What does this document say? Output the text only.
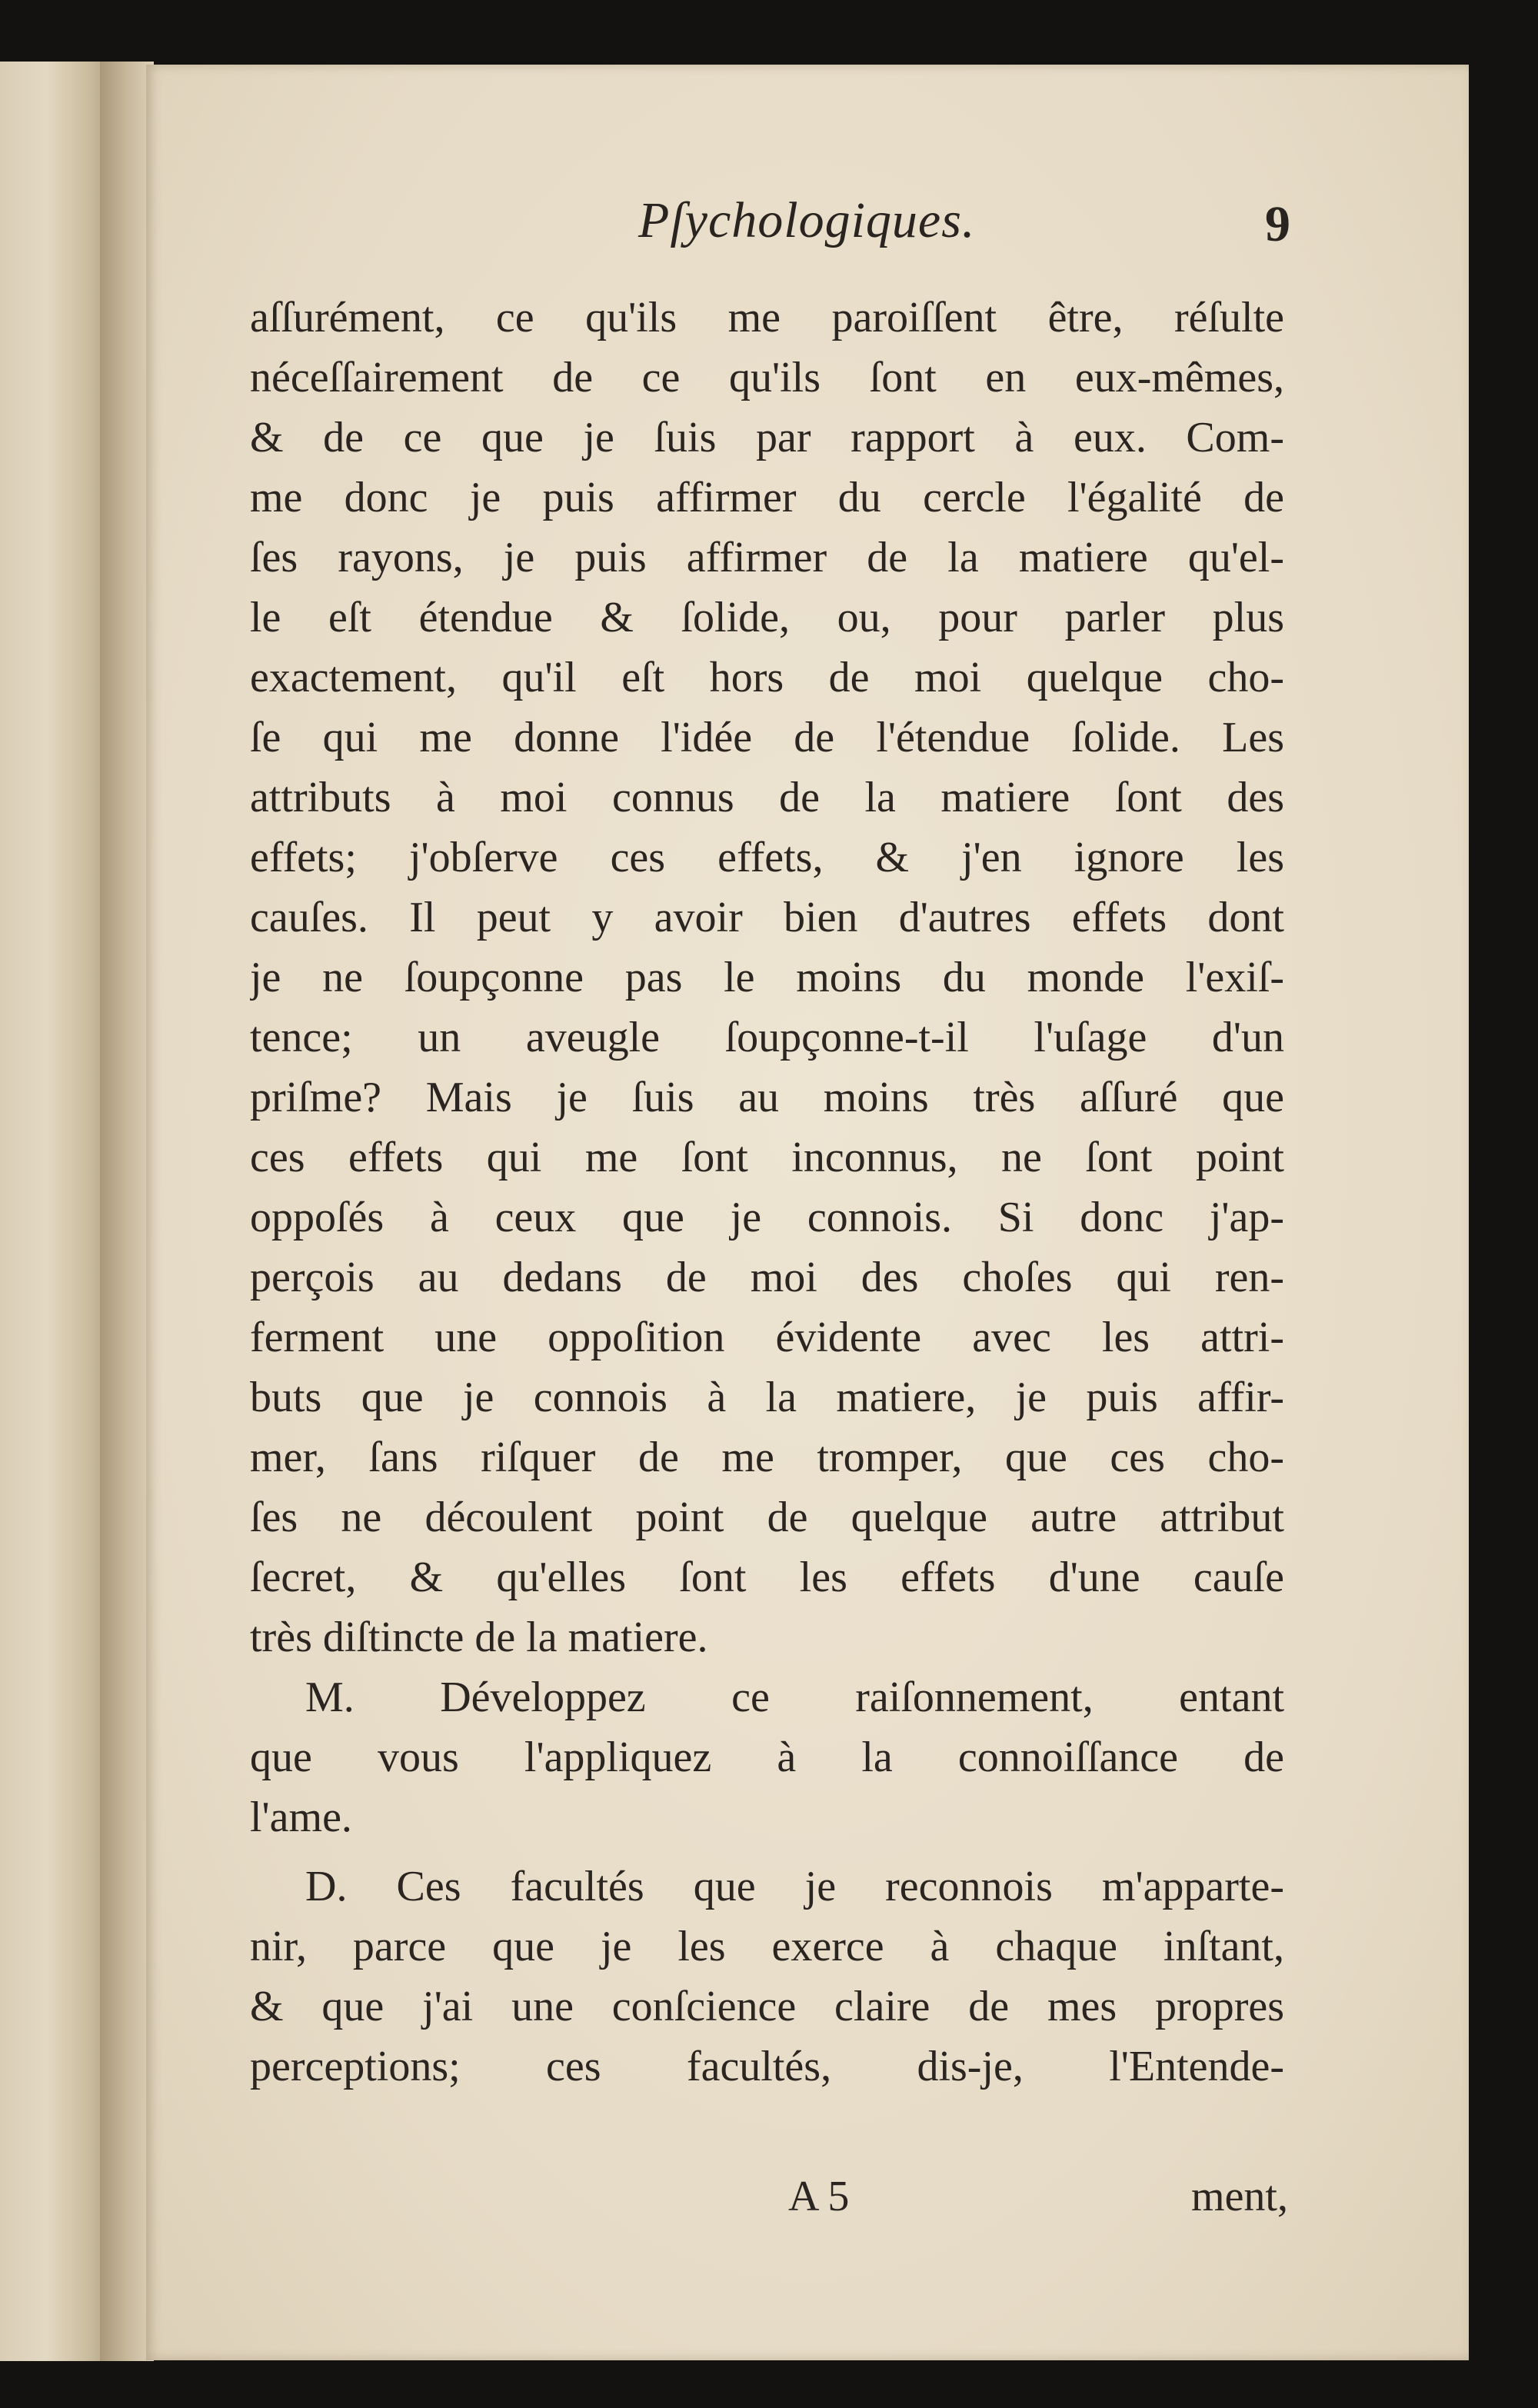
Pſychologiques.	9
aſſurément, ce qu'ils me paroiſſent être, réſulte
néceſſairement de ce qu'ils ſont en eux-mêmes,
& de ce que je ſuis par rapport à eux. Com-
me donc je puis affirmer du cercle l'égalité de
ſes rayons, je puis affirmer de la matiere qu'el-
le eſt étendue & ſolide, ou, pour parler plus
exactement, qu'il eſt hors de moi quelque cho-
ſe qui me donne l'idée de l'étendue ſolide. Les
attributs à moi connus de la matiere ſont des
effets; j'obſerve ces effets, & j'en ignore les
cauſes. Il peut y avoir bien d'autres effets dont
je ne ſoupçonne pas le moins du monde l'exiſ-
tence; un aveugle ſoupçonne-t-il l'uſage d'un
priſme? Mais je ſuis au moins très aſſuré que
ces effets qui me ſont inconnus, ne ſont point
oppoſés à ceux que je connois. Si donc j'ap-
perçois au dedans de moi des choſes qui ren-
ferment une oppoſition évidente avec les attri-
buts que je connois à la matiere, je puis affir-
mer, ſans riſquer de me tromper, que ces cho-
ſes ne découlent point de quelque autre attribut
ſecret, & qu'elles ſont les effets d'une cauſe
très diſtincte de la matiere.
M. Développez ce raiſonnement, entant
que vous l'appliquez à la connoiſſance de
l'ame.
D. Ces facultés que je reconnois m'apparte-
nir, parce que je les exerce à chaque inſtant,
& que j'ai une conſcience claire de mes propres
perceptions; ces facultés, dis-je, l'Entende-
A 5	ment,
